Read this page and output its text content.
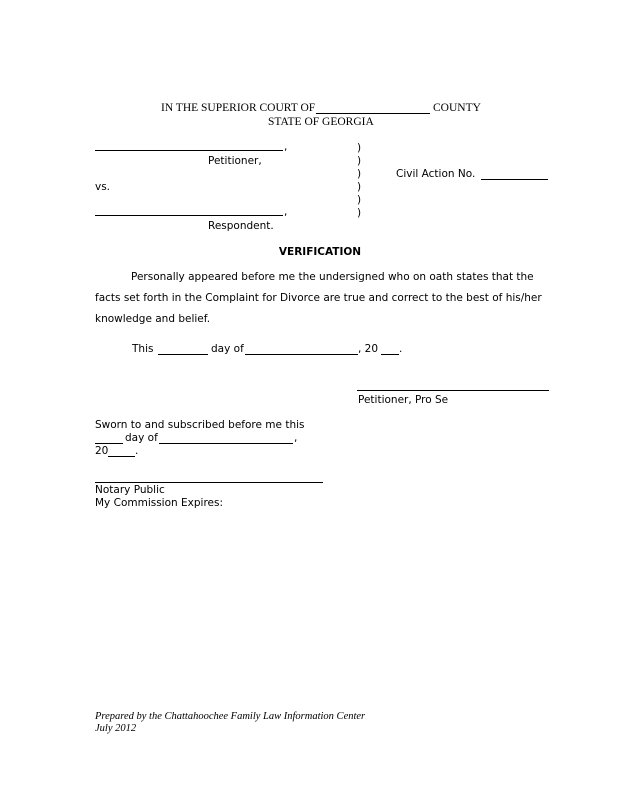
IN THE SUPERIOR COURT OF	COUNTY
STATE OF GEORGIA
,
Petitioner,
vs.
,
Respondent.
)
)
)
)
)
)
Civil Action No.
VERIFICATION
Personally appeared before me the undersigned who on oath states that the
facts set forth in the Complaint for Divorce are true and correct to the best of his/her
knowledge and belief.
This	day of	, 20 .
Petitioner, Pro Se
Sworn to and subscribed before me this
day of	,
20	.
Notary Public
My Commission Expires:
Prepared by the Chattahoochee Family Law Information Center
July 2012
